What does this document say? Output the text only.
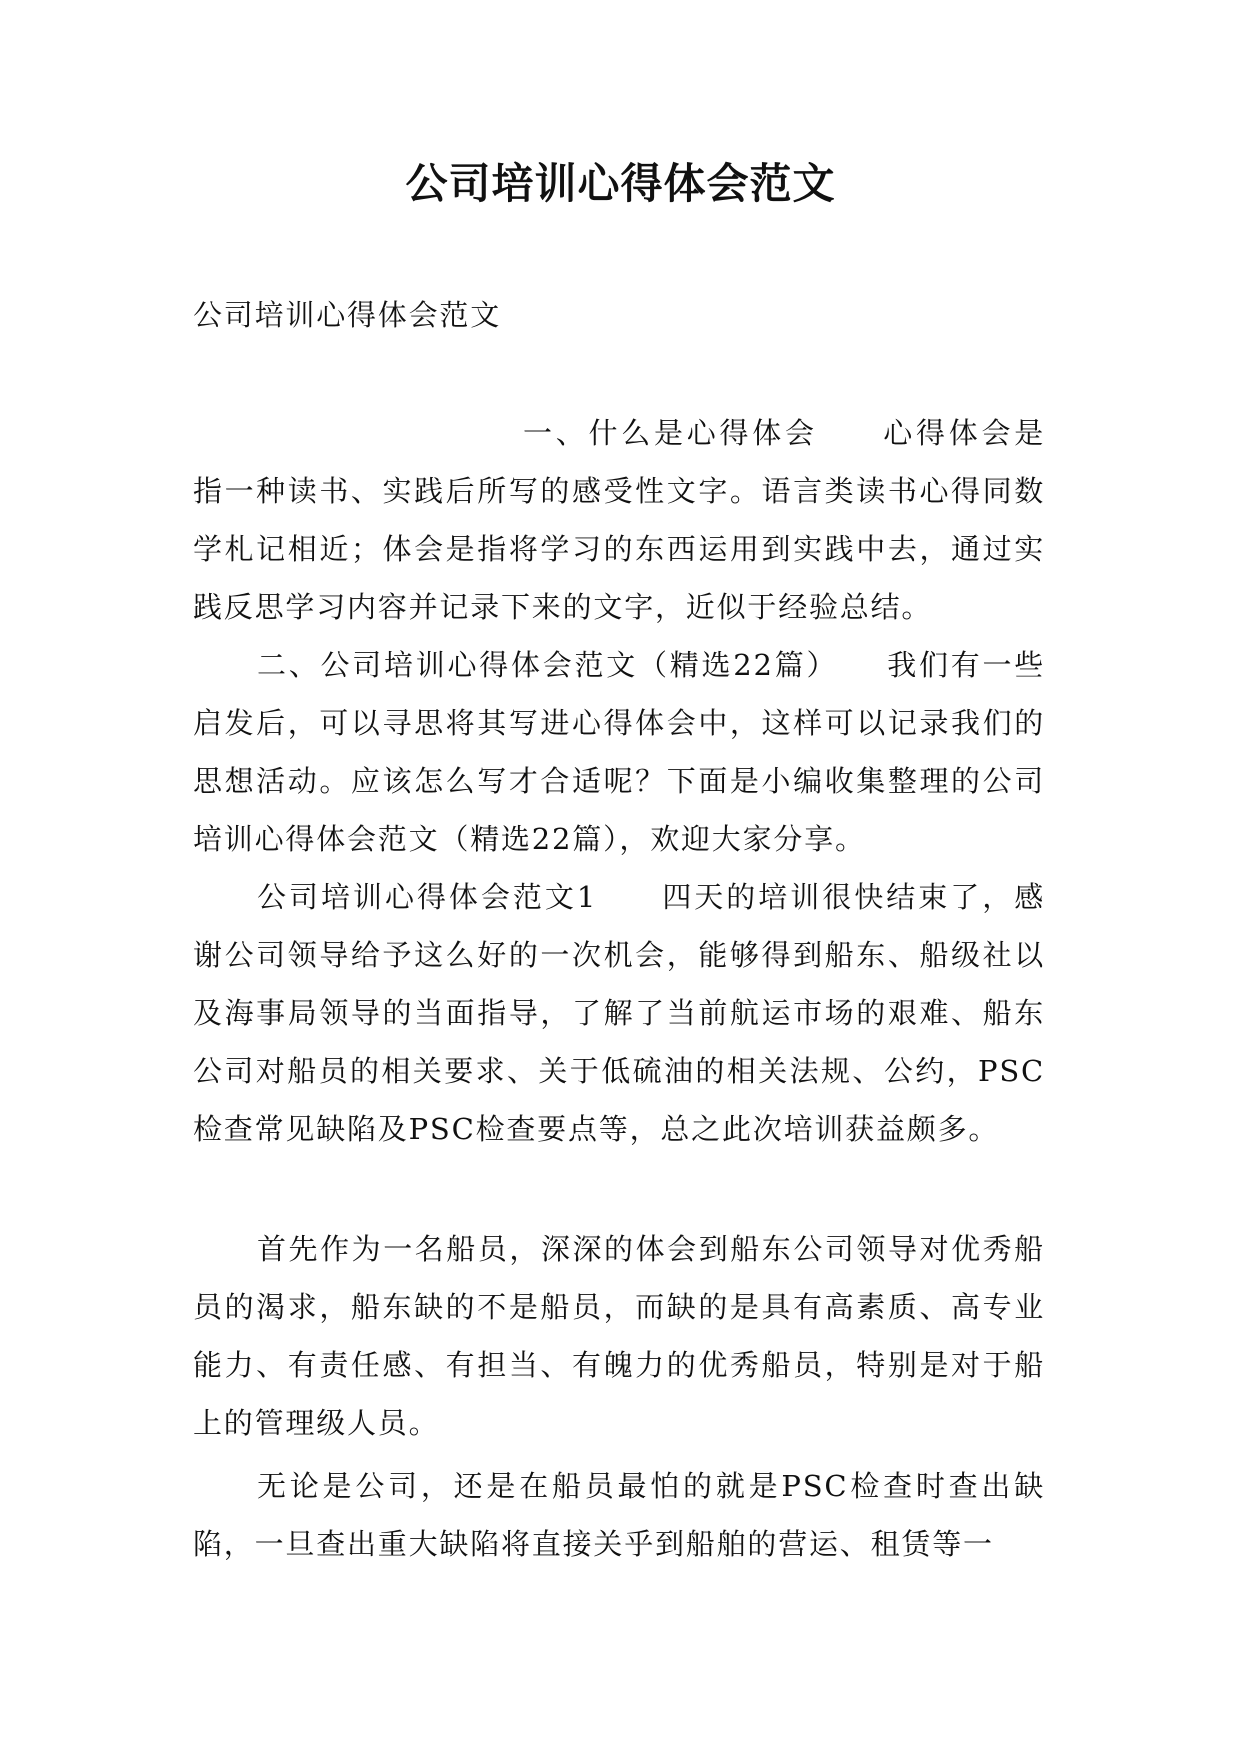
公司培训心得体会范文

公司培训心得体会范文

一、什么是心得体会　　心得体会是指一种读书、实践后所写的感受性文字。语言类读书心得同数学札记相近；体会是指将学习的东西运用到实践中去，通过实践反思学习内容并记录下来的文字，近似于经验总结。

二、公司培训心得体会范文（精选22篇）　　我们有一些启发后，可以寻思将其写进心得体会中，这样可以记录我们的思想活动。应该怎么写才合适呢？下面是小编收集整理的公司培训心得体会范文（精选22篇），欢迎大家分享。

公司培训心得体会范文1　　四天的培训很快结束了，感谢公司领导给予这么好的一次机会，能够得到船东、船级社以及海事局领导的当面指导，了解了当前航运市场的艰难、船东公司对船员的相关要求、关于低硫油的相关法规、公约，PSC检查常见缺陷及PSC检查要点等，总之此次培训获益颇多。

首先作为一名船员，深深的体会到船东公司领导对优秀船员的渴求，船东缺的不是船员，而缺的是具有高素质、高专业能力、有责任感、有担当、有魄力的优秀船员，特别是对于船上的管理级人员。

无论是公司，还是在船员最怕的就是PSC检查时查出缺陷，一旦查出重大缺陷将直接关乎到船舶的营运、租赁等一
